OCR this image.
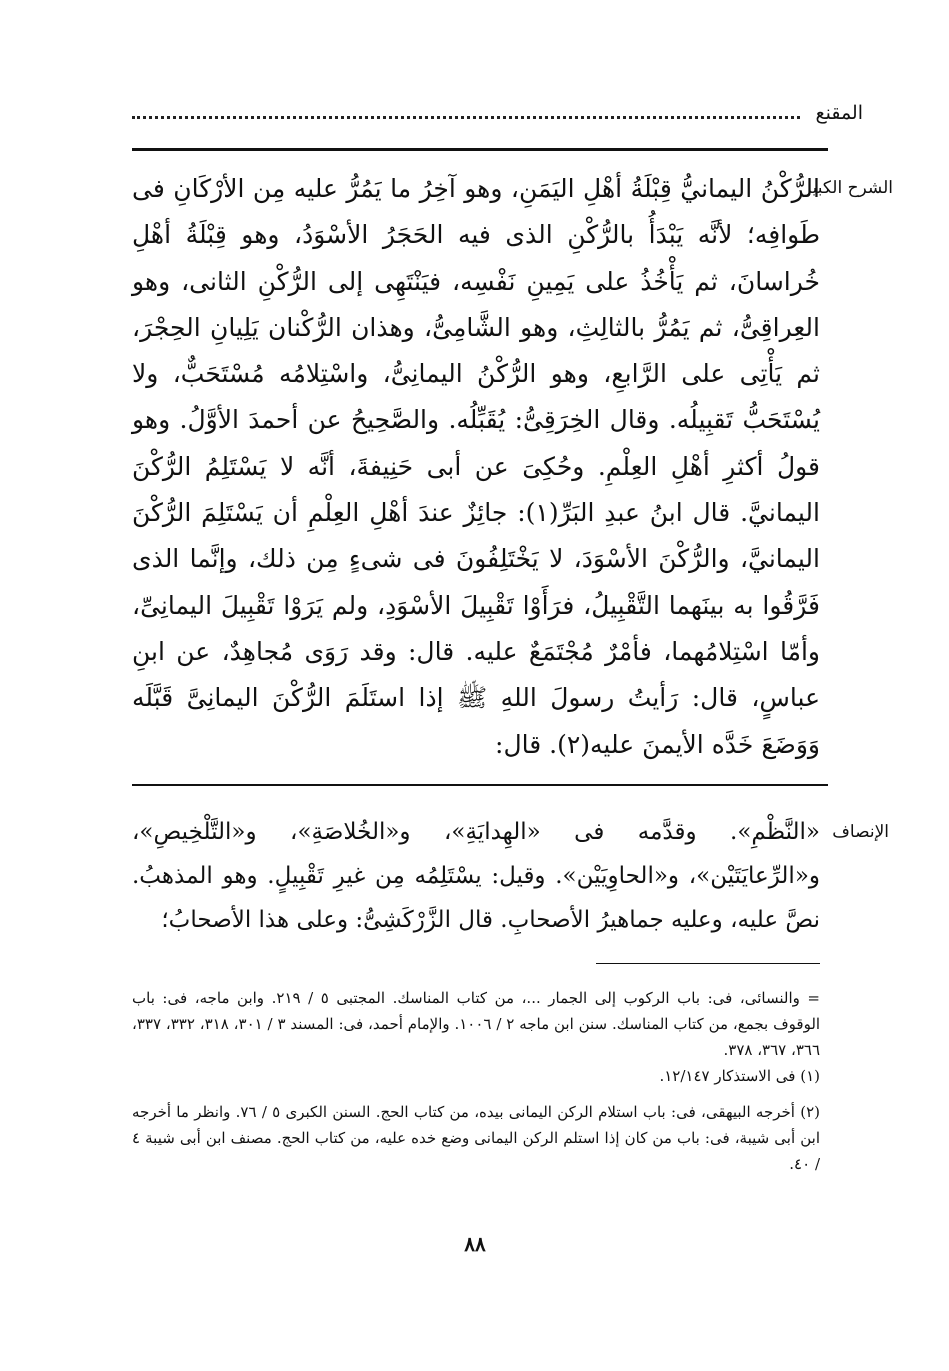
المقنع
الشرح الكبير

الرُّكْنُ اليمانيُّ قِبْلَةُ أهْلِ اليَمَنِ، وهو آخِرُ ما يَمُرُّ عليه مِن الأرْكَانِ فى طَوافِه؛ لأنَّه يَبْدَأُ بالرُّكْنِ الذى فيه الحَجَرُ الأسْوَدُ، وهو قِبْلَةُ أهْلِ خُراسانَ، ثم يَأْخُذُ على يَمِينِ نَفْسِه، فيَنْتَهِى إلى الرُّكْنِ الثانى، وهو العِراقِىُّ، ثم يَمُرُّ بالثالِثِ، وهو الشَّامِىُّ، وهذان الرُّكْنان يَلِيانِ الحِجْرَ، ثم يَأْتِى على الرَّابعِ، وهو الرُّكْنُ اليمانِىُّ، واسْتِلامُه مُسْتَحَبٌّ، ولا يُسْتَحَبُّ تَقبِيلُه. وقال الخِرَقِىُّ: يُقَبِّلُه. والصَّحِيحُ عن أحمدَ الأوَّلُ. وهو قولُ أكثرِ أهْلِ العِلْمِ. وحُكِىَ عن أبى حَنِيفةَ، أنَّه لا يَسْتَلِمُ الرُّكْنَ اليمانيَّ. قال ابنُ عبدِ البَرِّ(١): جائِزٌ عندَ أهْلِ العِلْمِ أن يَسْتَلِمَ الرُّكْنَ اليمانيَّ، والرُّكْنَ الأسْوَدَ، لا يَخْتَلِفُونَ فى شىءٍ مِن ذلك، وإنَّما الذى فَرَّقُوا به بينَهما التَّقْبِيلُ، فرَأَوْا تَقْبِيلَ الأسْوَدِ، ولم يَرَوْا تَقْبِيلَ اليمانِىِّ، وأمّا اسْتِلامُهما، فأمْرٌ مُجْتَمَعٌ عليه. قال: وقد رَوَى مُجاهِدٌ، عن ابنِ عباسٍ، قال: رَأيتُ رسولَ اللهِ ﷺ إذا استَلَمَ الرُّكْنَ اليمانِىَّ قَبَّلَه وَوَضَعَ خَدَّه الأيمنَ عليه(٢). قال:

الإنصاف

«النَّظْمِ». وقدَّمه فى «الهِدايَةِ»، و«الخُلاصَةِ»، و«التَّلْخِيصِ»، و«الرِّعايَتَيْن»، و«الحاوِيَيْن». وقيل: يسْتَلِمُه مِن غيرِ تَقْبِيلٍ. وهو المذهبُ. نصَّ عليه، وعليه جماهيرُ الأصحابِ. قال الزَّرْكَشِىُّ: وعلى هذا الأصحابُ؛

= والنسائى، فى: باب الركوب إلى الجمار ...، من كتاب المناسك. المجتبى ٥ / ٢١٩. وابن ماجه، فى: باب الوقوف بجمع، من كتاب المناسك. سنن ابن ماجه ٢ / ١٠٠٦. والإمام أحمد، فى: المسند ٣ / ٣٠١، ٣١٨، ٣٣٢، ٣٣٧، ٣٦٦، ٣٦٧، ٣٧٨.

(١) فى الاستذكار ١٢/١٤٧.

(٢) أخرجه البيهقى، فى: باب استلام الركن اليمانى بيده، من كتاب الحج. السنن الكبرى ٥ / ٧٦. وانظر ما أخرجه ابن أبى شيبة، فى: باب من كان إذا استلم الركن اليمانى وضع خده عليه، من كتاب الحج. مصنف ابن أبى شيبة ٤ / ٤٠.

٨٨
